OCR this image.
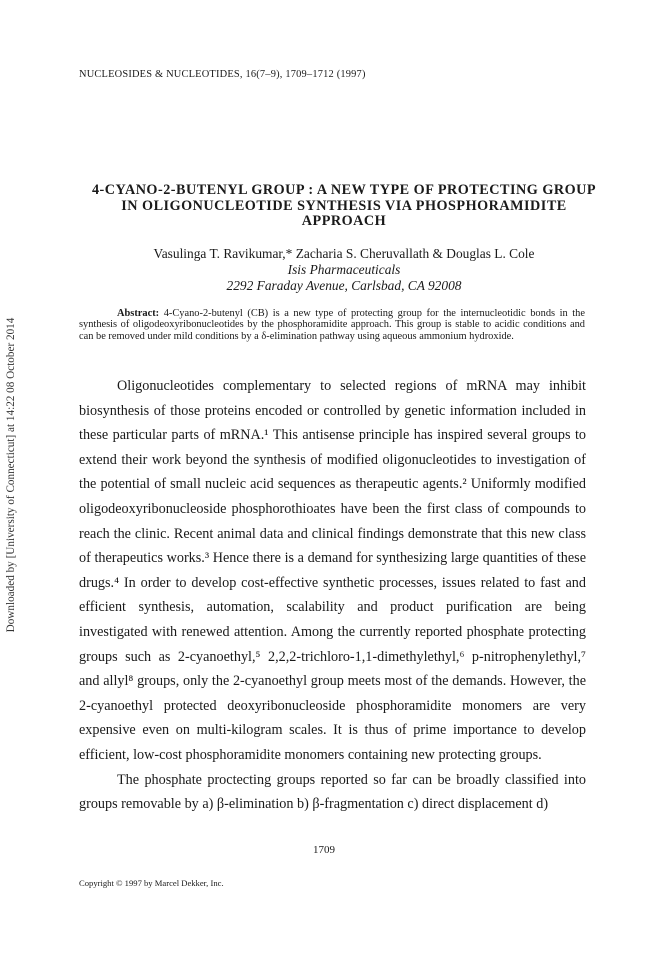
Downloaded by [University of Connecticut] at 14:22 08 October 2014
NUCLEOSIDES & NUCLEOTIDES, 16(7–9), 1709–1712 (1997)
4-CYANO-2-BUTENYL GROUP : A NEW TYPE OF PROTECTING GROUP IN OLIGONUCLEOTIDE SYNTHESIS VIA PHOSPHORAMIDITE APPROACH
Vasulinga T. Ravikumar,* Zacharia S. Cheruvallath & Douglas L. Cole
Isis Pharmaceuticals
2292 Faraday Avenue, Carlsbad, CA 92008
Abstract: 4-Cyano-2-butenyl (CB) is a new type of protecting group for the internucleotidic bonds in the synthesis of oligodeoxyribonucleotides by the phosphoramidite approach. This group is stable to acidic conditions and can be removed under mild conditions by a δ-elimination pathway using aqueous ammonium hydroxide.

Oligonucleotides complementary to selected regions of mRNA may inhibit biosynthesis of those proteins encoded or controlled by genetic information included in these particular parts of mRNA.¹ This antisense principle has inspired several groups to extend their work beyond the synthesis of modified oligonucleotides to investigation of the potential of small nucleic acid sequences as therapeutic agents.² Uniformly modified oligodeoxyribonucleoside phosphorothioates have been the first class of compounds to reach the clinic. Recent animal data and clinical findings demonstrate that this new class of therapeutics works.³ Hence there is a demand for synthesizing large quantities of these drugs.⁴ In order to develop cost-effective synthetic processes, issues related to fast and efficient synthesis, automation, scalability and product purification are being investigated with renewed attention. Among the currently reported phosphate protecting groups such as 2-cyanoethyl,⁵ 2,2,2-trichloro-1,1-dimethylethyl,⁶ p-nitrophenylethyl,⁷ and allyl⁸ groups, only the 2-cyanoethyl group meets most of the demands. However, the 2-cyanoethyl protected deoxyribonucleoside phosphoramidite monomers are very expensive even on multi-kilogram scales. It is thus of prime importance to develop efficient, low-cost phosphoramidite monomers containing new protecting groups.

The phosphate proctecting groups reported so far can be broadly classified into groups removable by a) β-elimination b) β-fragmentation c) direct displacement d)

1709
Copyright © 1997 by Marcel Dekker, Inc.
